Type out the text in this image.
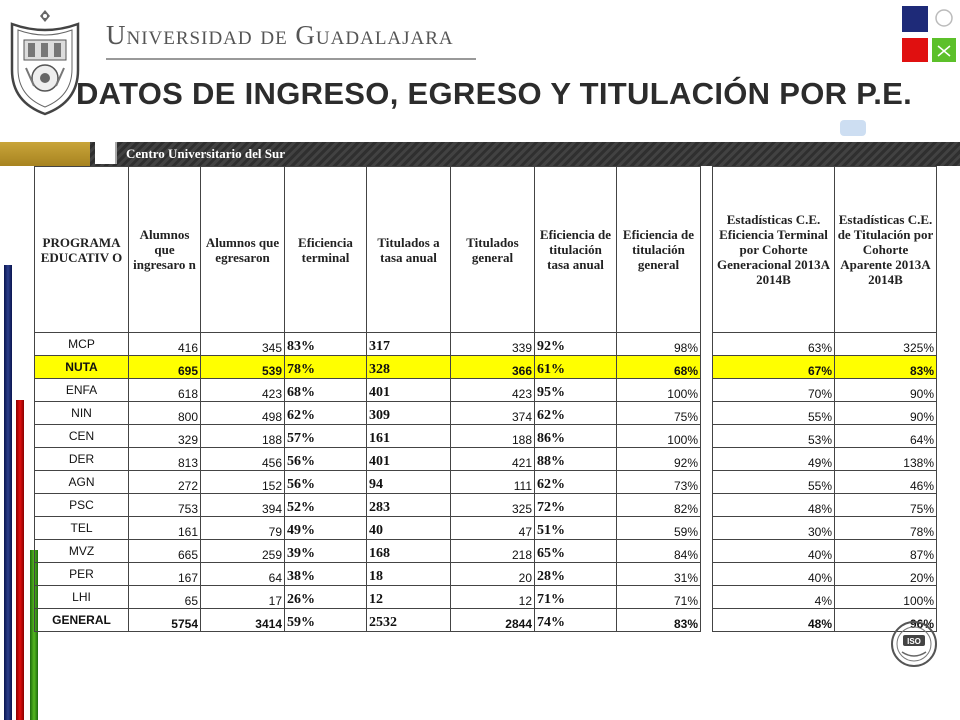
Universidad de Guadalajara
DATOS DE INGRESO, EGRESO Y TITULACIÓN POR P.E.
Centro Universitario del Sur
PROGRAMA EDUCATIV O	Alumnos que ingresaro n	Alumnos que egresaron	Eficiencia terminal	Titulados a tasa anual	Titulados general	Eficiencia de titulación tasa anual	Eficiencia de titulación general		Estadísticas C.E. Eficiencia Terminal por Cohorte Generacional 2013A 2014B	Estadísticas C.E. de Titulación por Cohorte Aparente 2013A 2014B
MCP	416	345	83%	317	339	92%	98%		63%	325%
NUTA	695	539	78%	328	366	61%	68%		67%	83%
ENFA	618	423	68%	401	423	95%	100%		70%	90%
NIN	800	498	62%	309	374	62%	75%		55%	90%
CEN	329	188	57%	161	188	86%	100%		53%	64%
DER	813	456	56%	401	421	88%	92%		49%	138%
AGN	272	152	56%	94	111	62%	73%		55%	46%
PSC	753	394	52%	283	325	72%	82%		48%	75%
TEL	161	79	49%	40	47	51%	59%		30%	78%
MVZ	665	259	39%	168	218	65%	84%		40%	87%
PER	167	64	38%	18	20	28%	31%		40%	20%
LHI	65	17	26%	12	12	71%	71%		4%	100%
GENERAL	5754	3414	59%	2532	2844	74%	83%		48%	96%
ISO
